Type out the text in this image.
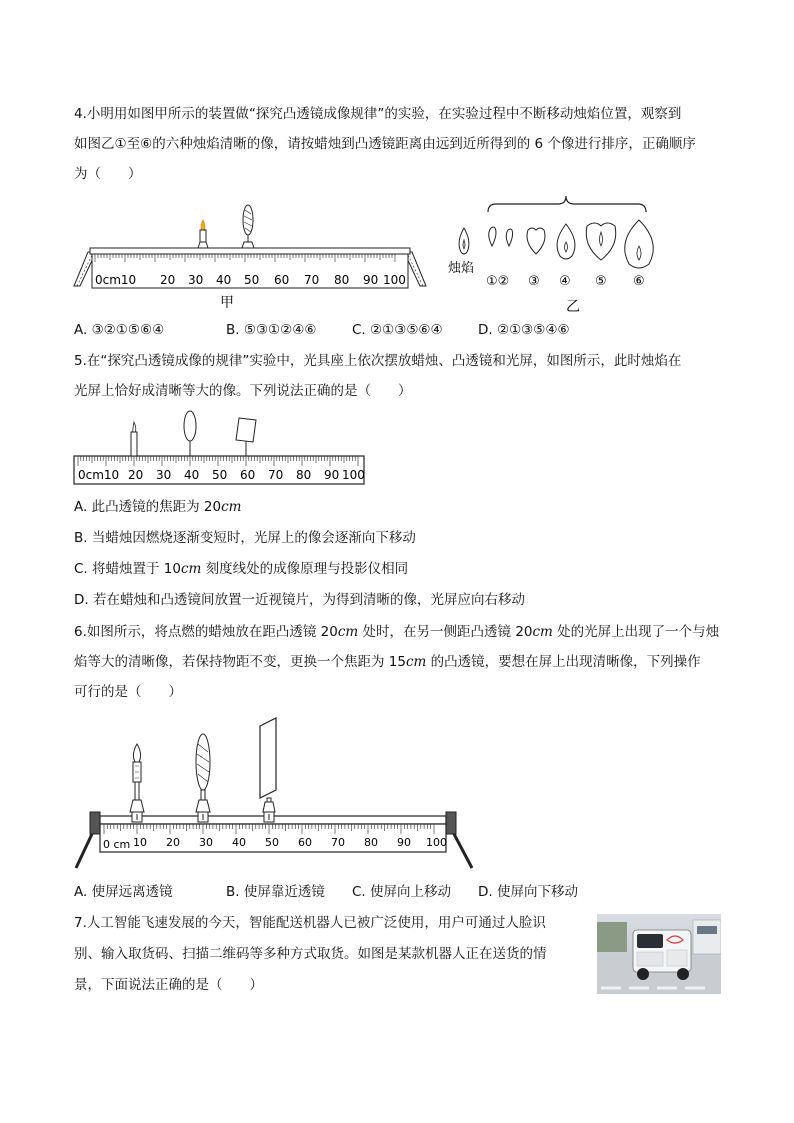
4.小明用如图甲所示的装置做“探究凸透镜成像规律”的实验，在实验过程中不断移动烛焰位置，观察到
如图乙①至⑥的六种烛焰清晰的像，请按蜡烛到凸透镜距离由远到近所得到的 6 个像进行排序，正确顺序
为（　　）
0cm10 20 30 40 50 60 70 80 90 100
甲
烛焰
①② ③ ④ ⑤ ⑥
乙
A. ③②①⑤⑥④	B. ⑤③①②④⑥	C. ②①③⑤⑥④	D. ②①③⑤④⑥
5.在“探究凸透镜成像的规律”实验中，光具座上依次摆放蜡烛、凸透镜和光屏，如图所示，此时烛焰在
光屏上恰好成清晰等大的像。下列说法正确的是（　　）
0cm10 20 30 40 50 60 70 80 90 100
A. 此凸透镜的焦距为 20cm
B. 当蜡烛因燃烧逐渐变短时，光屏上的像会逐渐向下移动
C. 将蜡烛置于 10cm 刻度线处的成像原理与投影仪相同
D. 若在蜡烛和凸透镜间放置一近视镜片，为得到清晰的像，光屏应向右移动
6.如图所示，将点燃的蜡烛放在距凸透镜 20cm 处时，在另一侧距凸透镜 20cm 处的光屏上出现了一个与烛
焰等大的清晰像，若保持物距不变，更换一个焦距为 15cm 的凸透镜，要想在屏上出现清晰像，下列操作
可行的是（　　）
0 cm 10 20 30 40 50 60 70 80 90 100
A. 使屏远离透镜	B. 使屏靠近透镜 C. 使屏向上移动 D. 使屏向下移动
7.人工智能飞速发展的今天，智能配送机器人已被广泛使用，用户可通过人脸识
别、输入取货码、扫描二维码等多种方式取货。如图是某款机器人正在送货的情
景，下面说法正确的是（　　）
